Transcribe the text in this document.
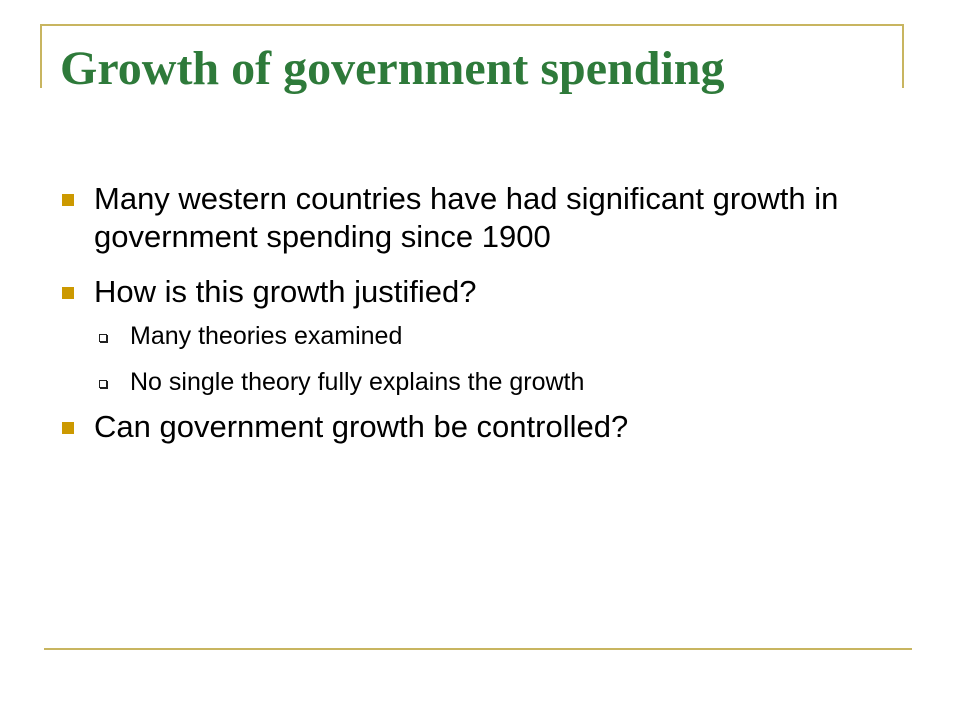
Growth of government spending
Many western countries have had significant growth in government spending since 1900
How is this growth justified?
Many theories examined
No single theory fully explains the growth
Can government growth be controlled?
